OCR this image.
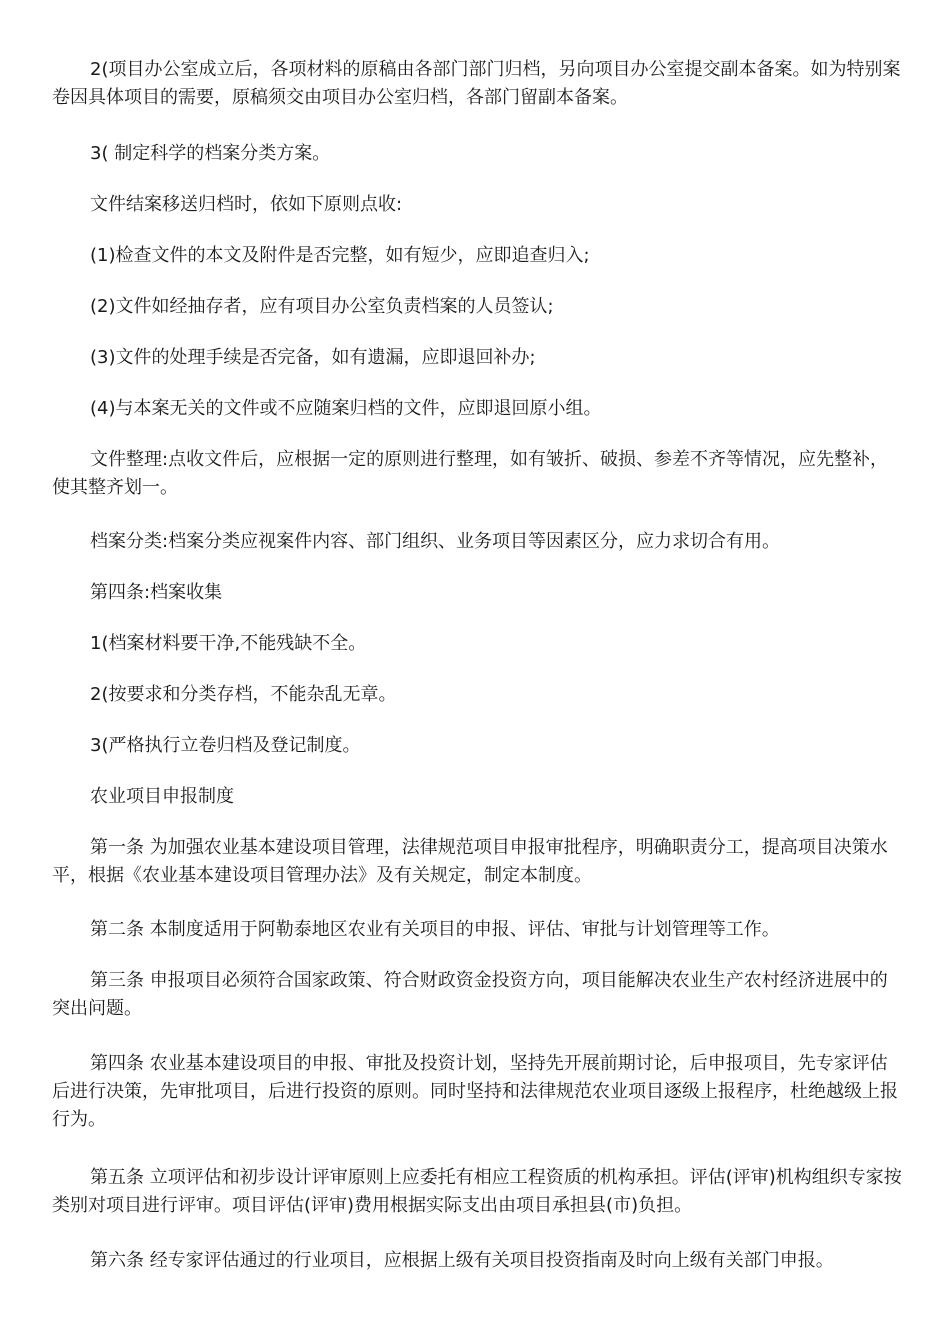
2(项目办公室成立后，各项材料的原稿由各部门部门归档，另向项目办公室提交副本备案。如为特别案卷因具体项目的需要，原稿须交由项目办公室归档，各部门留副本备案。

3( 制定科学的档案分类方案。

文件结案移送归档时，依如下原则点收:

(1)检查文件的本文及附件是否完整，如有短少，应即追查归入;

(2)文件如经抽存者，应有项目办公室负责档案的人员签认;

(3)文件的处理手续是否完备，如有遗漏，应即退回补办;

(4)与本案无关的文件或不应随案归档的文件，应即退回原小组。

文件整理:点收文件后，应根据一定的原则进行整理，如有皱折、破损、参差不齐等情况，应先整补，使其整齐划一。

档案分类:档案分类应视案件内容、部门组织、业务项目等因素区分，应力求切合有用。

第四条:档案收集

1(档案材料要干净,不能残缺不全。

2(按要求和分类存档，不能杂乱无章。

3(严格执行立卷归档及登记制度。

农业项目申报制度

第一条 为加强农业基本建设项目管理，法律规范项目申报审批程序，明确职责分工，提高项目决策水平，根据《农业基本建设项目管理办法》及有关规定，制定本制度。

第二条 本制度适用于阿勒泰地区农业有关项目的申报、评估、审批与计划管理等工作。

第三条 申报项目必须符合国家政策、符合财政资金投资方向，项目能解决农业生产农村经济进展中的突出问题。

第四条 农业基本建设项目的申报、审批及投资计划，坚持先开展前期讨论，后申报项目，先专家评估后进行决策，先审批项目，后进行投资的原则。同时坚持和法律规范农业项目逐级上报程序，杜绝越级上报行为。

第五条 立项评估和初步设计评审原则上应委托有相应工程资质的机构承担。评估(评审)机构组织专家按类别对项目进行评审。项目评估(评审)费用根据实际支出由项目承担县(市)负担。

第六条 经专家评估通过的行业项目，应根据上级有关项目投资指南及时向上级有关部门申报。
